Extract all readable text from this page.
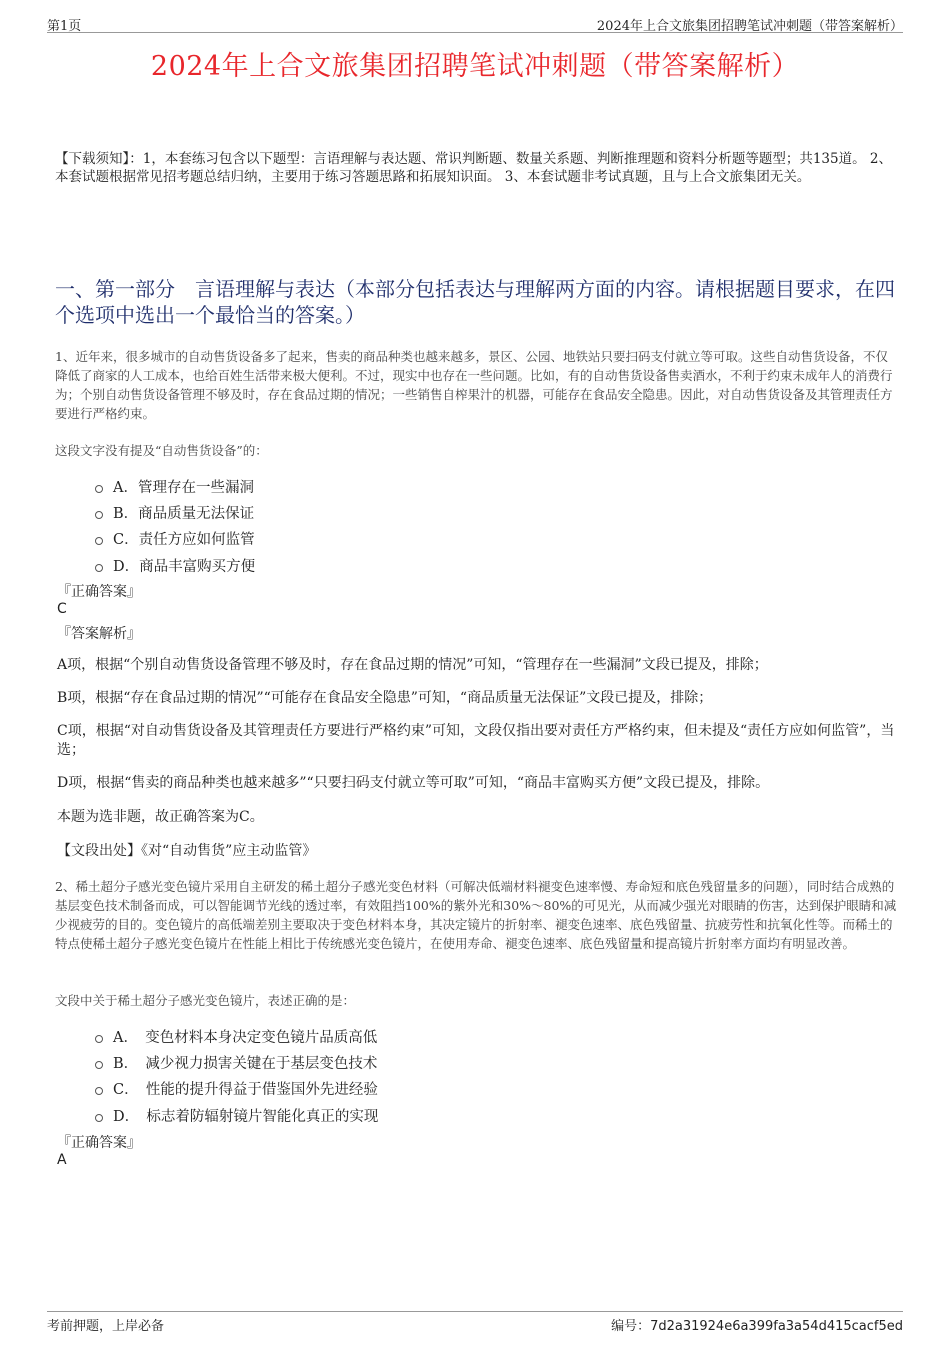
第1页	2024年上合文旅集团招聘笔试冲刺题（带答案解析）
2024年上合文旅集团招聘笔试冲刺题（带答案解析）
【下载须知】：1，本套练习包含以下题型：言语理解与表达题、常识判断题、数量关系题、判断推理题和资料分析题等题型；共135道。 2、本套试题根据常见招考题总结归纳，主要用于练习答题思路和拓展知识面。 3、本套试题非考试真题，且与上合文旅集团无关。
一、第一部分　言语理解与表达（本部分包括表达与理解两方面的内容。请根据题目要求，在四个选项中选出一个最恰当的答案。）
1、近年来，很多城市的自动售货设备多了起来，售卖的商品种类也越来越多，景区、公园、地铁站只要扫码支付就立等可取。这些自动售货设备，不仅降低了商家的人工成本，也给百姓生活带来极大便利。不过，现实中也存在一些问题。比如，有的自动售货设备售卖酒水，不利于约束未成年人的消费行为；个别自动售货设备管理不够及时，存在食品过期的情况；一些销售自榨果汁的机器，可能存在食品安全隐患。因此，对自动售货设备及其管理责任方要进行严格约束。
这段文字没有提及“自动售货设备”的：
A．管理存在一些漏洞
B．商品质量无法保证
C．责任方应如何监管
D．商品丰富购买方便
『正确答案』
C
『答案解析』
A项，根据“个别自动售货设备管理不够及时，存在食品过期的情况”可知，“管理存在一些漏洞”文段已提及，排除；
B项，根据“存在食品过期的情况”“可能存在食品安全隐患”可知，“商品质量无法保证”文段已提及，排除；
C项，根据“对自动售货设备及其管理责任方要进行严格约束”可知，文段仅指出要对责任方严格约束，但未提及“责任方应如何监管”，当选；
D项，根据“售卖的商品种类也越来越多”“只要扫码支付就立等可取”可知，“商品丰富购买方便”文段已提及，排除。
本题为选非题，故正确答案为C。
【文段出处】《对“自动售货”应主动监管》
2、稀土超分子感光变色镜片采用自主研发的稀土超分子感光变色材料（可解决低端材料褪变色速率慢、寿命短和底色残留量多的问题），同时结合成熟的基层变色技术制备而成，可以智能调节光线的透过率，有效阻挡100%的紫外光和30%～80%的可见光，从而减少强光对眼睛的伤害，达到保护眼睛和减少视疲劳的目的。变色镜片的高低端差别主要取决于变色材料本身，其决定镜片的折射率、褪变色速率、底色残留量、抗疲劳性和抗氧化性等。而稀土的特点使稀土超分子感光变色镜片在性能上相比于传统感光变色镜片，在使用寿命、褪变色速率、底色残留量和提高镜片折射率方面均有明显改善。
文段中关于稀土超分子感光变色镜片，表述正确的是：
A．　变色材料本身决定变色镜片品质高低
B．　减少视力损害关键在于基层变色技术
C．　性能的提升得益于借鉴国外先进经验
D．　标志着防辐射镜片智能化真正的实现
『正确答案』
A
考前押题，上岸必备	编号：7d2a31924e6a399fa3a54d415cacf5ed
